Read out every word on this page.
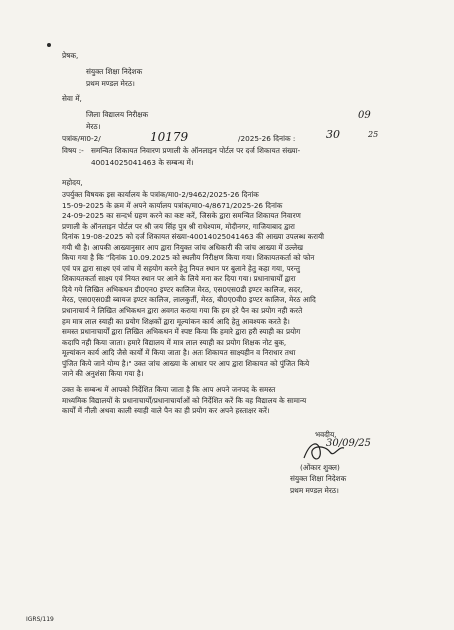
प्रेषक,
संयुक्त शिक्षा निदेशक
प्रथम मण्डल मेरठ।
सेवा में,
जिला विद्यालय निरीक्षक
मेरठ।
पत्रांक/मा0-2/	10179	/2025-26 दिनांक :	30
09
25
विषय :- समन्वित शिकायत निवारण प्रणाली के ऑनलाइन पोर्टल पर दर्ज शिकायत संख्या-
40014025041463 के सम्बन्ध में।
महोदय,
उपर्युक्त विषयक इस कार्यालय के पत्रांक/मा0-2/9462/2025-26 दिनांक
15-09-2025 के क्रम में अपने कार्यालय पत्रांक/मा0-4/8671/2025-26 दिनांक
24-09-2025 का सन्दर्भ ग्रहण करने का कष्ट करें, जिसके द्वारा समन्वित शिकायत निवारण
प्रणाली के ऑनलाइन पोर्टल पर श्री जय सिंह पुत्र श्री राधेश्याम, मोदीनगर, गाजियाबाद द्वारा
दिनांक 19-08-2025 को दर्ज शिकायत संख्या-40014025041463 की आख्या उपलब्ध करायी
गयी थी है। आपकी आख्यानुसार आप द्वारा नियुक्त जांच अधिकारी की जांच आख्या में उल्लेख
किया गया है कि "दिनांक 10.09.2025 को स्थलीय निरीक्षण किया गया। शिकायतकर्ता को फोन
एवं पत्र द्वारा साक्ष्य एवं जांच में सहयोग करने हेतु नियत स्थान पर बुलाने हेतु कहा गया, परन्तु
शिकायतकर्ता साक्ष्य एवं नियत स्थान पर आने के लिये मना कर दिया गया। प्रधानाचार्यों द्वारा
दिये गये लिखित अभिकथन डी0एन0 इण्टर कालिज मेरठ, एस0एस0डी इण्टर कालिज, सदर,
मेरठ, एस0एस0डी ब्वायज इण्टर कालिज, लालकुर्ती, मेरठ, बी0ए0वी0 इण्टर कालिज, मेरठ आदि
प्रधानाचार्य ने लिखित अभिकथन द्वारा अवगत कराया गया कि हम हरे पैन का प्रयोग नही करते
हम मात्र लाल स्याही का प्रयोग शिक्षकों द्वारा मूल्यांकन कार्य आदि हेतु आवश्यक करते है।
समस्त प्रधानाचार्यों द्वारा लिखित अभिकथन में स्पष्ट किया कि हमारे द्वारा हरी स्याही का प्रयोग
कदापि नही किया जाता। हमारे विद्यालय में मात्र लाल स्याही का प्रयोग शिक्षक नोट बुक,
मूल्यांकन कार्य आदि जैसे कार्यों में किया जाता है। अतः शिकायत साक्ष्यहीन व निराधार तथा
पुंजित किये जाने योग्य है।" उक्त जांच आख्या के आधार पर आप द्वारा शिकायत को पुंजित किये
जाने की अनुशंसा किया गया है।
उक्त के सम्बन्ध में आपको निर्देशित किया जाता है कि आप अपने जनपद के समस्त
माध्यमिक विद्यालयों के प्रधानाचार्यों/प्रधानाचार्याओं को निर्देशित करें कि वह विद्यालय के सामान्य
कार्यों में नीली अथवा काली स्याही वाले पैन का ही प्रयोग कर अपने हस्ताक्षर करें।
भवदीय,
30/09/25
(ओंकार शुक्ल)
संयुक्त शिक्षा निदेशक
प्रथम मण्डल मेरठ।
IGRS/119
